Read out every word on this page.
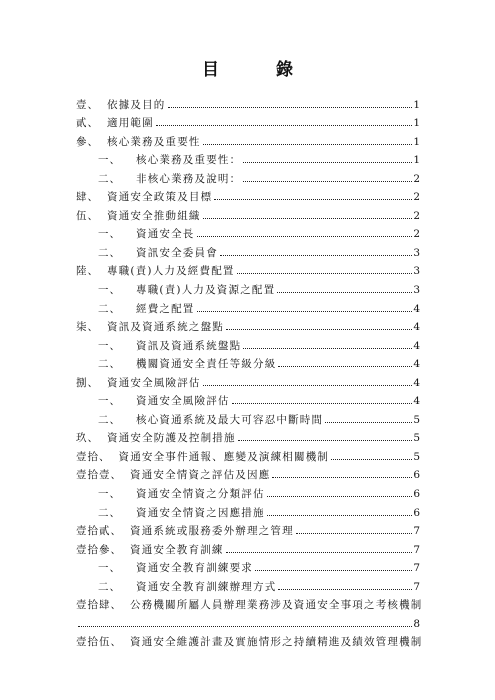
目　錄
壹、 依據及目的	1
貳、 適用範圍	1
參、 核心業務及重要性	1
一、	核心業務及重要性：	1
二、	非核心業務及說明：	2
肆、 資通安全政策及目標	2
伍、 資通安全推動組織	2
一、	資通安全長	2
二、	資訊安全委員會	3
陸、 專職(責)人力及經費配置	3
一、	專職(責)人力及資源之配置	3
二、	經費之配置	4
柒、 資訊及資通系統之盤點	4
一、	資訊及資通系統盤點	4
二、	機關資通安全責任等級分級	4
捌、 資通安全風險評估	4
一、	資通安全風險評估	4
二、	核心資通系統及最大可容忍中斷時間	5
玖、 資通安全防護及控制措施	5
壹拾、 資通安全事件通報、應變及演練相關機制	5
壹拾壹、 資通安全情資之評估及因應	6
一、	資通安全情資之分類評估	6
二、	資通安全情資之因應措施	6
壹拾貳、 資通系統或服務委外辦理之管理	7
壹拾參、 資通安全教育訓練	7
一、	資通安全教育訓練要求	7
二、	資通安全教育訓練辦理方式	7
壹拾肆、 公務機關所屬人員辦理業務涉及資通安全事項之考核機制
8
壹拾伍、 資通安全維護計畫及實施情形之持續精進及績效管理機制
